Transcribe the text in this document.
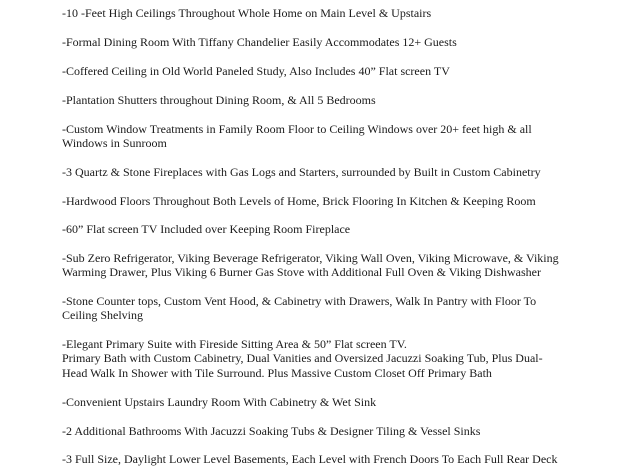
-10 -Feet High Ceilings Throughout Whole Home on Main Level & Upstairs
-Formal Dining Room With Tiffany Chandelier Easily Accommodates 12+ Guests
-Coffered Ceiling in Old World Paneled Study, Also Includes 40” Flat screen TV
-Plantation Shutters throughout Dining Room, & All 5 Bedrooms
-Custom Window Treatments in Family Room Floor to Ceiling Windows over 20+ feet high & all
Windows in Sunroom
-3 Quartz & Stone Fireplaces with Gas Logs and Starters, surrounded by Built in Custom Cabinetry
-Hardwood Floors Throughout Both Levels of Home, Brick Flooring In Kitchen & Keeping Room
-60” Flat screen TV Included over Keeping Room Fireplace
-Sub Zero Refrigerator, Viking Beverage Refrigerator, Viking Wall Oven, Viking Microwave, & Viking
Warming Drawer, Plus Viking 6 Burner Gas Stove with Additional Full Oven & Viking Dishwasher
-Stone Counter tops, Custom Vent Hood, & Cabinetry with Drawers, Walk In Pantry with Floor To
Ceiling Shelving
-Elegant Primary Suite with Fireside Sitting Area & 50” Flat screen TV.
Primary Bath with Custom Cabinetry, Dual Vanities and Oversized Jacuzzi Soaking Tub, Plus Dual-
Head Walk In Shower with Tile Surround. Plus Massive Custom Closet Off Primary Bath
-Convenient Upstairs Laundry Room With Cabinetry & Wet Sink
-2 Additional Bathrooms With Jacuzzi Soaking Tubs & Designer Tiling & Vessel Sinks
-3 Full Size, Daylight Lower Level Basements, Each Level with French Doors To Each Full Rear Deck
